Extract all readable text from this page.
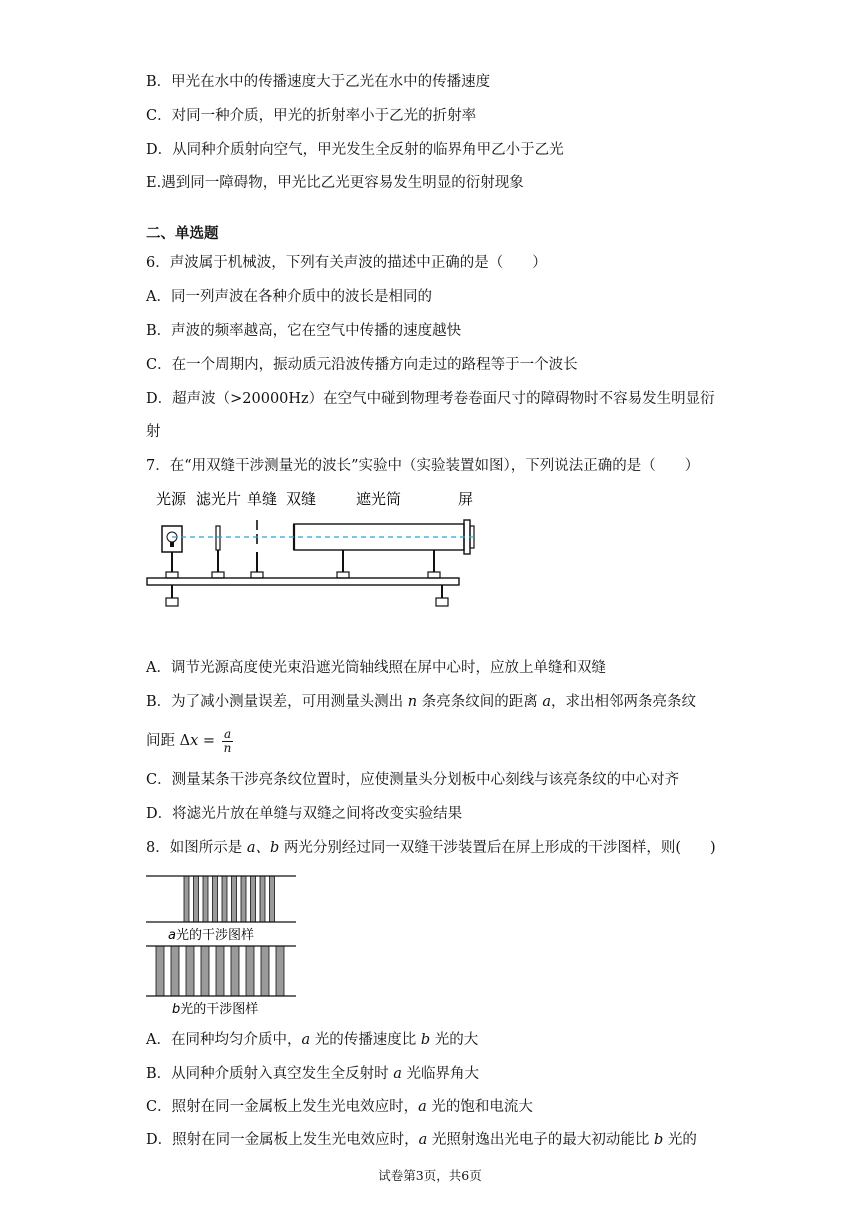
B．甲光在水中的传播速度大于乙光在水中的传播速度
C．对同一种介质，甲光的折射率小于乙光的折射率
D．从同种介质射向空气，甲光发生全反射的临界角甲乙小于乙光
E.遇到同一障碍物，甲光比乙光更容易发生明显的衍射现象
二、单选题
6．声波属于机械波，下列有关声波的描述中正确的是（　　）
A．同一列声波在各种介质中的波长是相同的
B．声波的频率越高，它在空气中传播的速度越快
C．在一个周期内，振动质元沿波传播方向走过的路程等于一个波长
D．超声波（>20000Hz）在空气中碰到物理考卷卷面尺寸的障碍物时不容易发生明显衍
射
7．在“用双缝干涉测量光的波长”实验中（实验装置如图），下列说法正确的是（　　）
光源 滤光片 单缝 双缝	遮光筒	屏
A．调节光源高度使光束沿遮光筒轴线照在屏中心时，应放上单缝和双缝
B．为了减小测量误差，可用测量头测出 n 条亮条纹间的距离 a，求出相邻两条亮条纹
间距 $\Delta x = \frac{a}{n}$
C．测量某条干涉亮条纹位置时，应使测量头分划板中心刻线与该亮条纹的中心对齐
D．将滤光片放在单缝与双缝之间将改变实验结果
8．如图所示是 a、b 两光分别经过同一双缝干涉装置后在屏上形成的干涉图样，则(　　)
a光的干涉图样
b光的干涉图样
A．在同种均匀介质中，a 光的传播速度比 b 光的大
B．从同种介质射入真空发生全反射时 a 光临界角大
C．照射在同一金属板上发生光电效应时，a 光的饱和电流大
D．照射在同一金属板上发生光电效应时，a 光照射逸出光电子的最大初动能比 b 光的
试卷第3页，共6页
